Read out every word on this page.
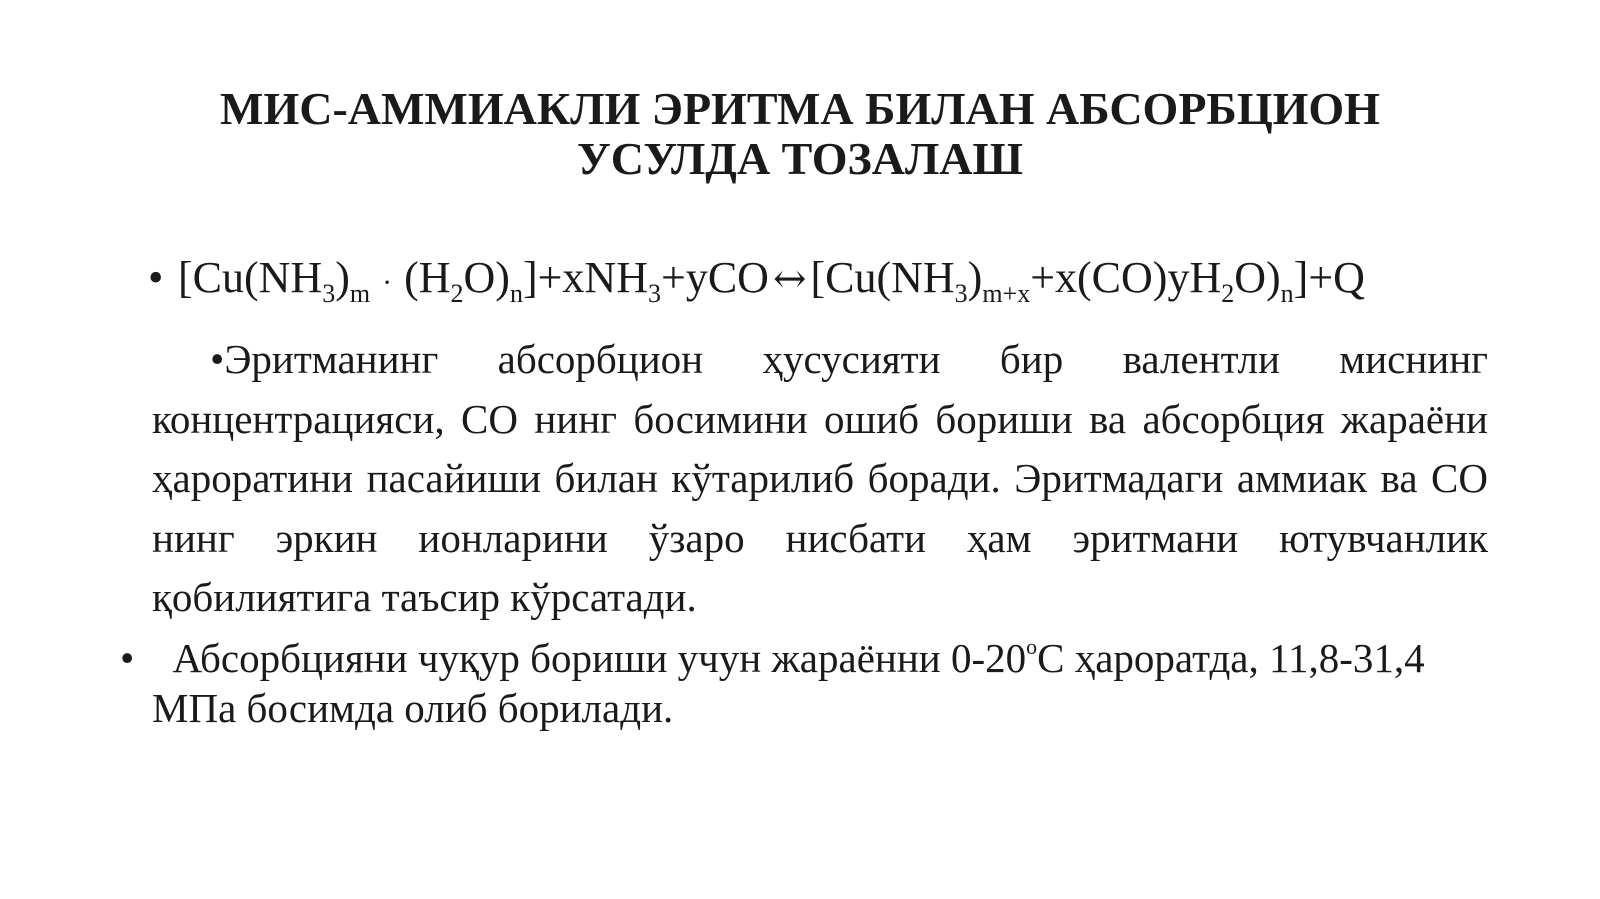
МИС-АММИАКЛИ ЭРИТМА БИЛАН АБСОРБЦИОН
УСУЛДА ТОЗАЛАШ
• $[Cu(NH_3)_m \cdot (H_2O)_n]+xNH_3+yCO$ $\leftrightarrow[Cu(NH_3)_{m+x}+x(CO)yH_2O)_n]+Q$
•Эритманинг абсорбцион ҳусусияти бир валентли миснинг концентрацияси, СО нинг босимини ошиб бориши ва абсорбция жараёни ҳароратини пасайиши билан кўтарилиб боради. Эритмадаги аммиак ва СО нинг эркин ионларини ўзаро нисбати ҳам эритмани ютувчанлик қобилиятига таъсир кўрсатади.
• Абсорбцияни чуқур бориши учун жараённи $0-20^оС$ ҳароратда, 11,8-31,4 МПа босимда олиб борилади.
